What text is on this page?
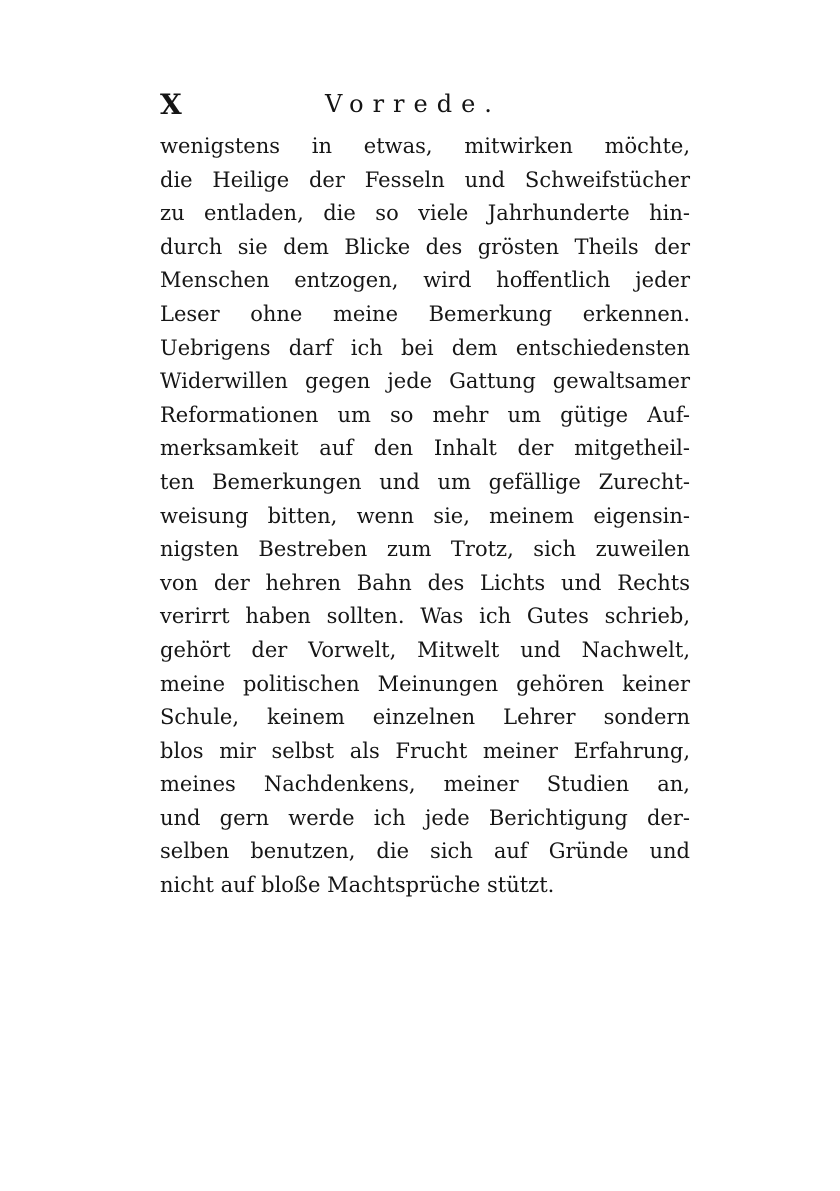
X	Vorrede.
wenigstens in etwas, mitwirken möchte,
die Heilige der Fesseln und Schweifstücher
zu entladen, die so viele Jahrhunderte hin-
durch sie dem Blicke des grösten Theils der
Menschen entzogen, wird hoffentlich jeder
Leser ohne meine Bemerkung erkennen.
Uebrigens darf ich bei dem entschiedensten
Widerwillen gegen jede Gattung gewaltsamer
Reformationen um so mehr um gütige Auf-
merksamkeit auf den Inhalt der mitgetheil-
ten Bemerkungen und um gefällige Zurecht-
weisung bitten, wenn sie, meinem eigensin-
nigsten Bestreben zum Trotz, sich zuweilen
von der hehren Bahn des Lichts und Rechts
verirrt haben sollten. Was ich Gutes schrieb,
gehört der Vorwelt, Mitwelt und Nachwelt,
meine politischen Meinungen gehören keiner
Schule, keinem einzelnen Lehrer sondern
blos mir selbst als Frucht meiner Erfahrung,
meines Nachdenkens, meiner Studien an,
und gern werde ich jede Berichtigung der-
selben benutzen, die sich auf Gründe und
nicht auf bloße Machtsprüche stützt.
